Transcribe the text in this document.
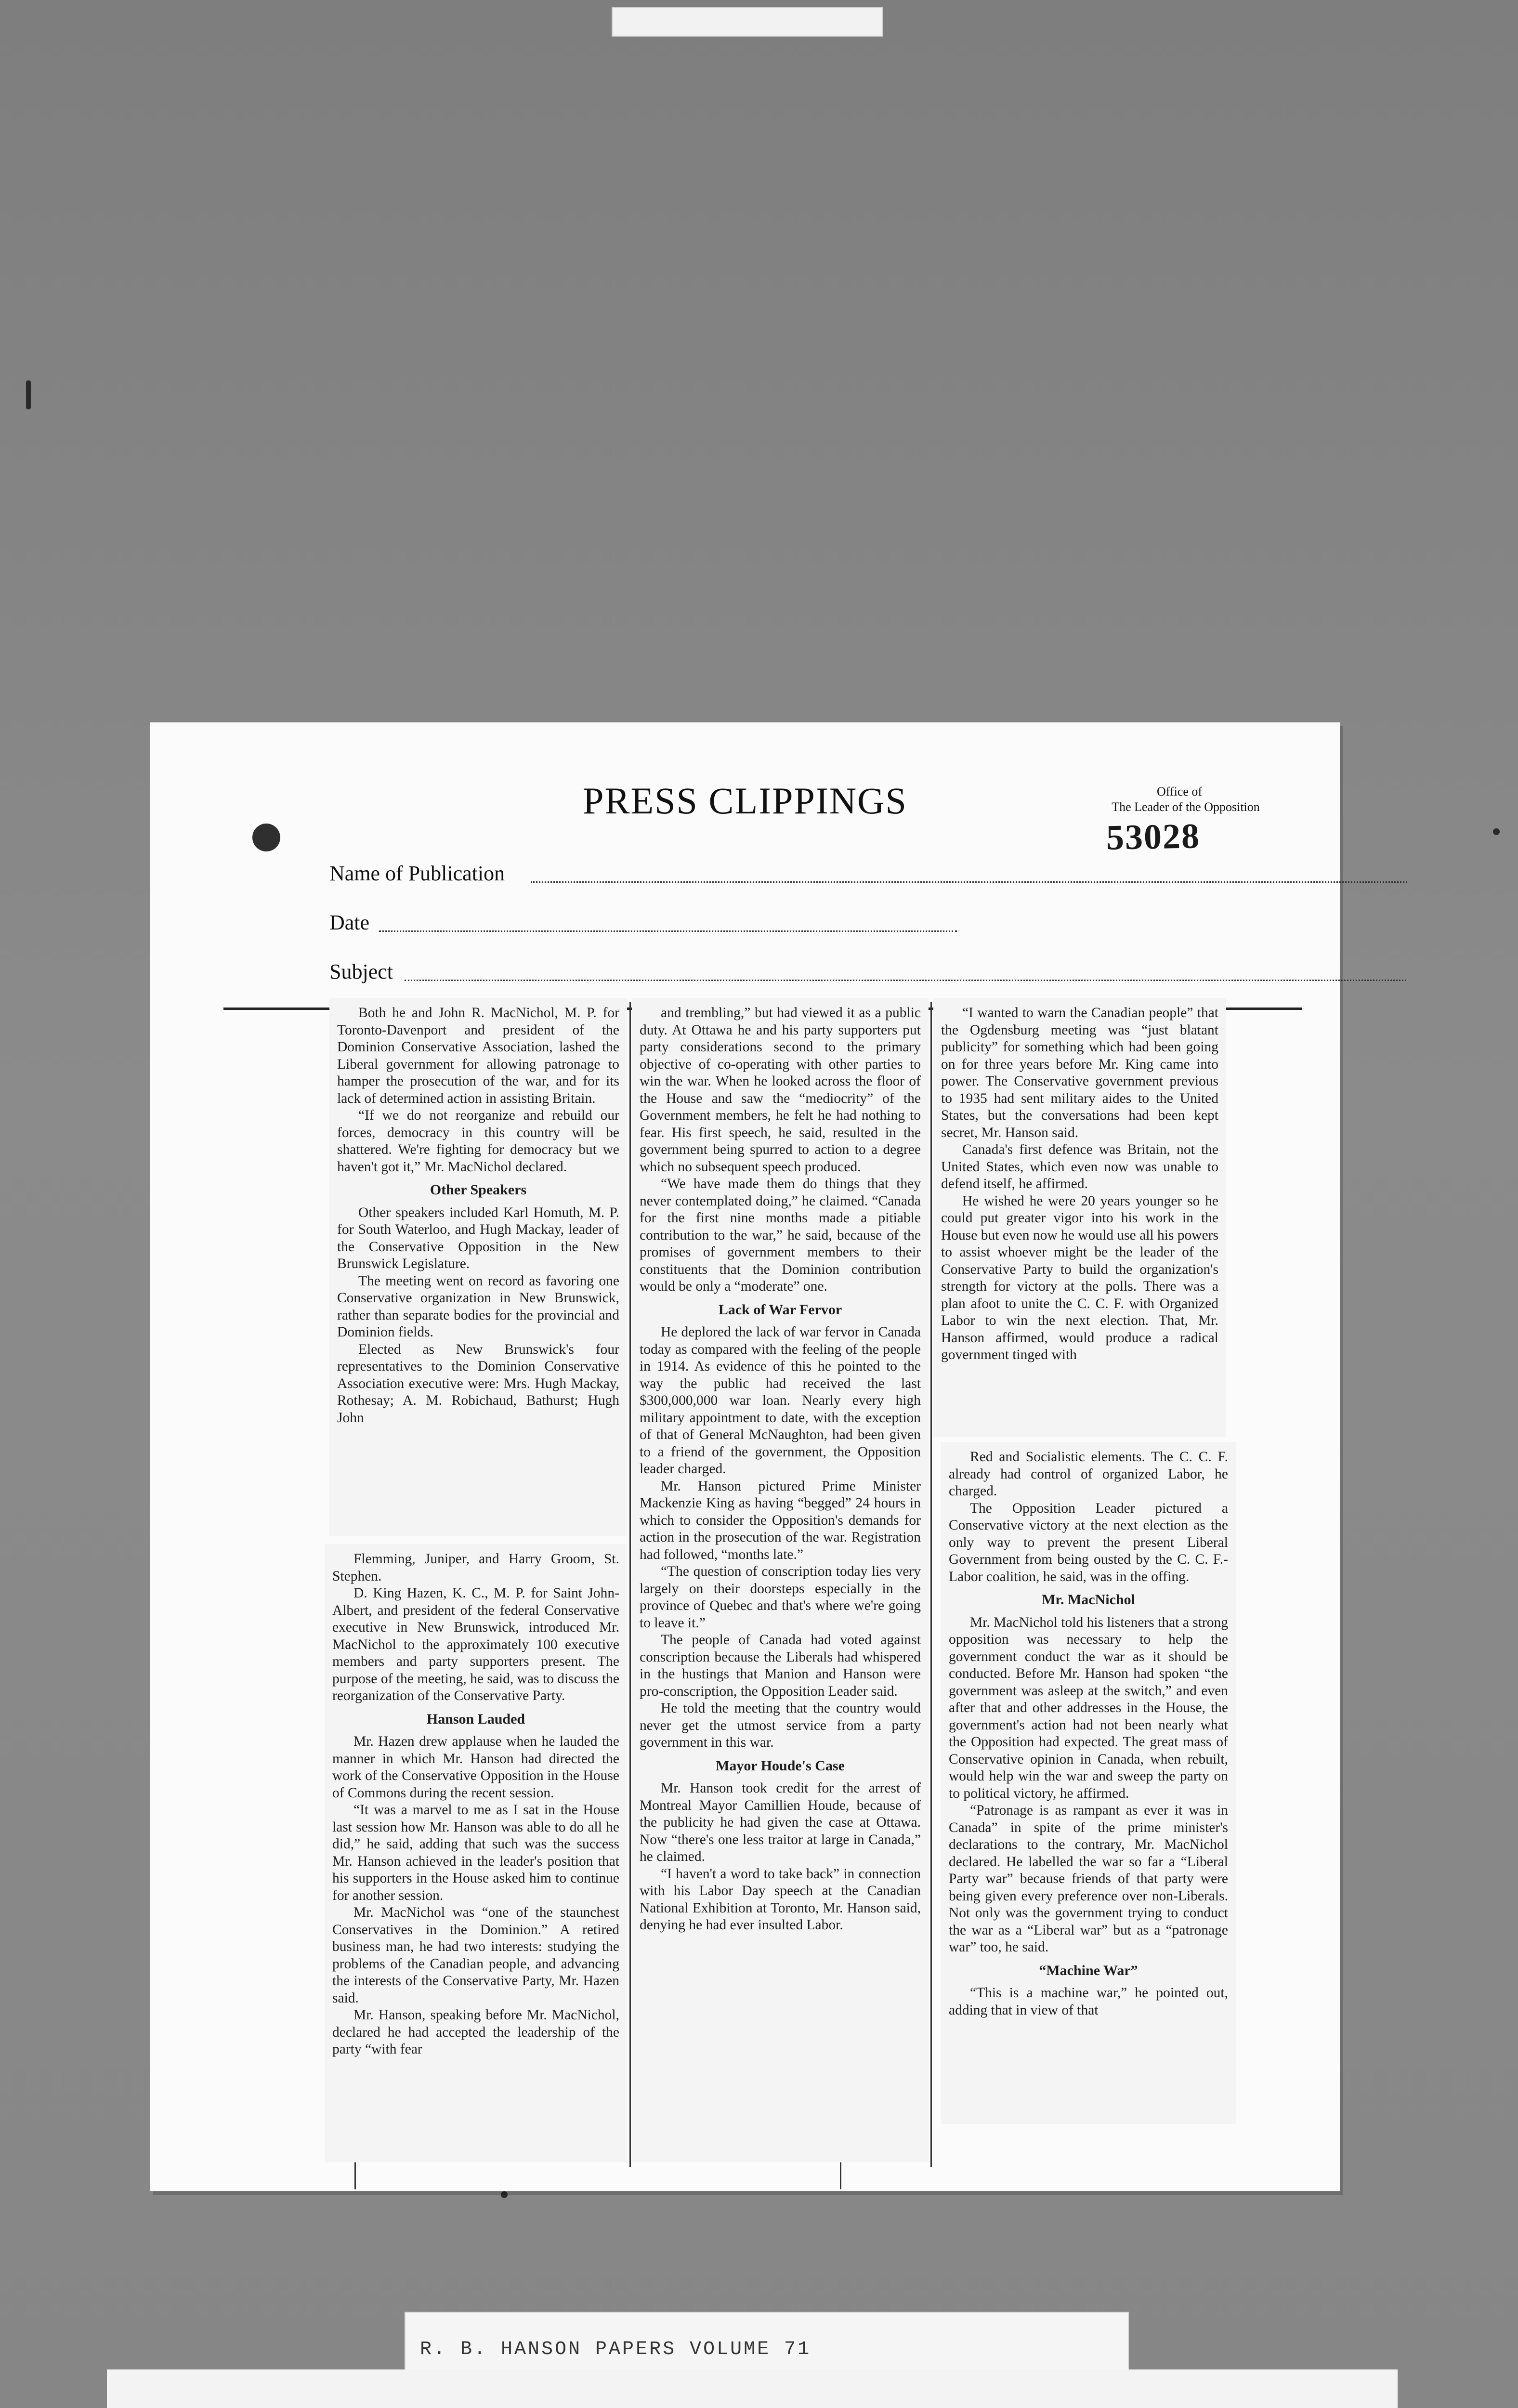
PRESS CLIPPINGS	Office of
The Leader of the Opposition
53028
Name of Publication
Date
Subject

Both he and John R. MacNichol, M. P. for Toronto-Davenport and president of the Dominion Conservative Association, lashed the Liberal government for allowing patronage to hamper the prosecution of the war, and for its lack of determined action in assisting Britain.

“If we do not reorganize and rebuild our forces, democracy in this country will be shattered. We're fighting for democracy but we haven't got it,” Mr. MacNichol declared.

Other Speakers

Other speakers included Karl Homuth, M. P. for South Waterloo, and Hugh Mackay, leader of the Conservative Opposition in the New Brunswick Legislature.

The meeting went on record as favoring one Conservative organization in New Brunswick, rather than separate bodies for the provincial and Dominion fields.

Elected as New Brunswick's four representatives to the Dominion Conservative Association executive were: Mrs. Hugh Mackay, Rothesay; A. M. Robichaud, Bathurst; Hugh John

Flemming, Juniper, and Harry Groom, St. Stephen.

D. King Hazen, K. C., M. P. for Saint John-Albert, and president of the federal Conservative executive in New Brunswick, introduced Mr. MacNichol to the approximately 100 executive members and party supporters present. The purpose of the meeting, he said, was to discuss the reorganization of the Conservative Party.

Hanson Lauded

Mr. Hazen drew applause when he lauded the manner in which Mr. Hanson had directed the work of the Conservative Opposition in the House of Commons during the recent session.

“It was a marvel to me as I sat in the House last session how Mr. Hanson was able to do all he did,” he said, adding that such was the success Mr. Hanson achieved in the leader's position that his supporters in the House asked him to continue for another session.

Mr. MacNichol was “one of the staunchest Conservatives in the Dominion.” A retired business man, he had two interests: studying the problems of the Canadian people, and advancing the interests of the Conservative Party, Mr. Hazen said.

Mr. Hanson, speaking before Mr. MacNichol, declared he had accepted the leadership of the party “with fear

and trembling,” but had viewed it as a public duty. At Ottawa he and his party supporters put party considerations second to the primary objective of co-operating with other parties to win the war. When he looked across the floor of the House and saw the “mediocrity” of the Government members, he felt he had nothing to fear. His first speech, he said, resulted in the government being spurred to action to a degree which no subsequent speech produced.

“We have made them do things that they never contemplated doing,” he claimed. “Canada for the first nine months made a pitiable contribution to the war,” he said, because of the promises of government members to their constituents that the Dominion contribution would be only a “moderate” one.

Lack of War Fervor

He deplored the lack of war fervor in Canada today as compared with the feeling of the people in 1914. As evidence of this he pointed to the way the public had received the last $300,000,000 war loan. Nearly every high military appointment to date, with the exception of that of General McNaughton, had been given to a friend of the government, the Opposition leader charged.

Mr. Hanson pictured Prime Minister Mackenzie King as having “begged” 24 hours in which to consider the Opposition's demands for action in the prosecution of the war. Registration had followed, “months late.”

“The question of conscription today lies very largely on their doorsteps especially in the province of Quebec and that's where we're going to leave it.”

The people of Canada had voted against conscription because the Liberals had whispered in the hustings that Manion and Hanson were pro-conscription, the Opposition Leader said.

He told the meeting that the country would never get the utmost service from a party government in this war.

Mayor Houde's Case

Mr. Hanson took credit for the arrest of Montreal Mayor Camillien Houde, because of the publicity he had given the case at Ottawa. Now “there's one less traitor at large in Canada,” he claimed.

“I haven't a word to take back” in connection with his Labor Day speech at the Canadian National Exhibition at Toronto, Mr. Hanson said, denying he had ever insulted Labor.

“I wanted to warn the Canadian people” that the Ogdensburg meeting was “just blatant publicity” for something which had been going on for three years before Mr. King came into power. The Conservative government previous to 1935 had sent military aides to the United States, but the conversations had been kept secret, Mr. Hanson said.

Canada's first defence was Britain, not the United States, which even now was unable to defend itself, he affirmed.

He wished he were 20 years younger so he could put greater vigor into his work in the House but even now he would use all his powers to assist whoever might be the leader of the Conservative Party to build the organization's strength for victory at the polls. There was a plan afoot to unite the C. C. F. with Organized Labor to win the next election. That, Mr. Hanson affirmed, would produce a radical government tinged with

Red and Socialistic elements. The C. C. F. already had control of organized Labor, he charged.

The Opposition Leader pictured a Conservative victory at the next election as the only way to prevent the present Liberal Government from being ousted by the C. C. F.-Labor coalition, he said, was in the offing.

Mr. MacNichol

Mr. MacNichol told his listeners that a strong opposition was necessary to help the government conduct the war as it should be conducted. Before Mr. Hanson had spoken “the government was asleep at the switch,” and even after that and other addresses in the House, the government's action had not been nearly what the Opposition had expected. The great mass of Conservative opinion in Canada, when rebuilt, would help win the war and sweep the party on to political victory, he affirmed.

“Patronage is as rampant as ever it was in Canada” in spite of the prime minister's declarations to the contrary, Mr. MacNichol declared. He labelled the war so far a “Liberal Party war” because friends of that party were being given every preference over non-Liberals. Not only was the government trying to conduct the war as a “Liberal war” but as a “patronage war” too, he said.

“Machine War”

“This is a machine war,” he pointed out, adding that in view of that

R. B. HANSON PAPERS VOLUME 71
